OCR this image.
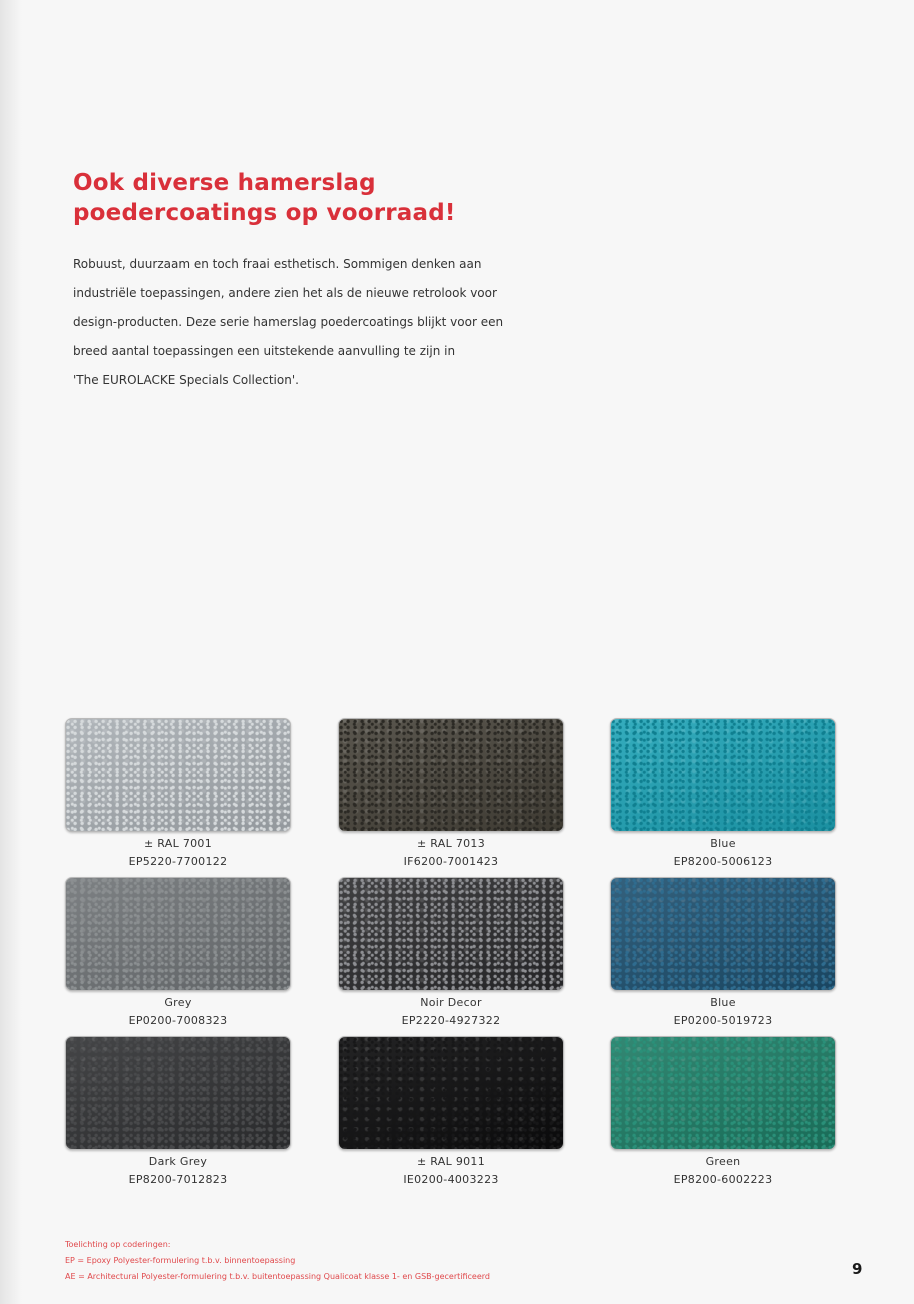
Ook diverse hamerslag
poedercoatings op voorraad!
Robuust, duurzaam en toch fraai esthetisch. Sommigen denken aan
industriële toepassingen, andere zien het als de nieuwe retrolook voor
design-producten. Deze serie hamerslag poedercoatings blijkt voor een
breed aantal toepassingen een uitstekende aanvulling te zijn in
'The EUROLACKE Specials Collection'.
± RAL 7001
EP5220-7700122
± RAL 7013
IF6200-7001423
Blue
EP8200-5006123
Grey
EP0200-7008323
Noir Decor
EP2220-4927322
Blue
EP0200-5019723
Dark Grey
EP8200-7012823
± RAL 9011
IE0200-4003223
Green
EP8200-6002223
Toelichting op coderingen:
EP = Epoxy Polyester-formulering t.b.v. binnentoepassing
AE = Architectural Polyester-formulering t.b.v. buitentoepassing Qualicoat klasse 1- en GSB-gecertificeerd	9
